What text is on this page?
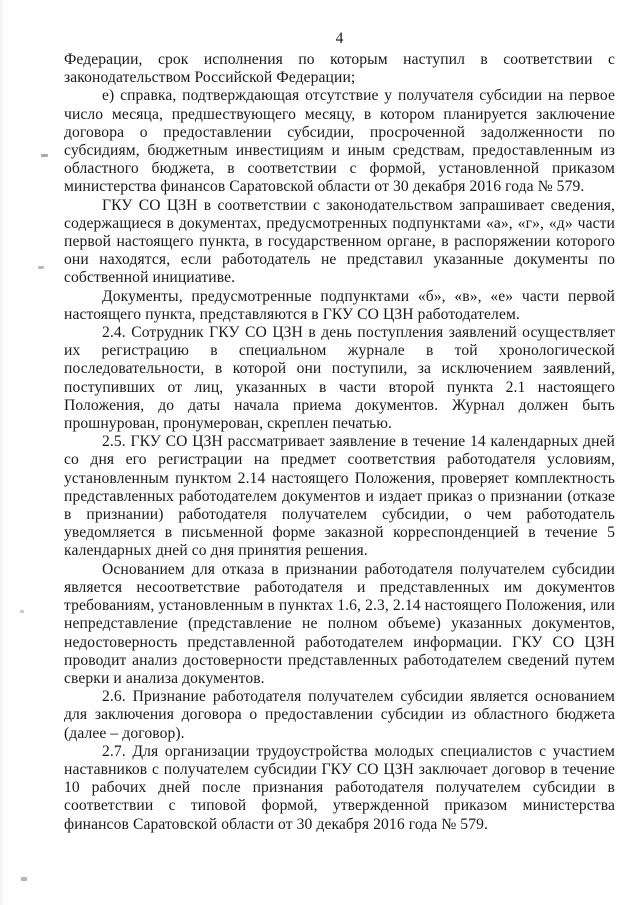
4

Федерации, срок исполнения по которым наступил в соответствии с законодательством Российской Федерации;

е) справка, подтверждающая отсутствие у получателя субсидии на первое число месяца, предшествующего месяцу, в котором планируется заключение договора о предоставлении субсидии, просроченной задолженности по субсидиям, бюджетным инвестициям и иным средствам, предоставленным из областного бюджета, в соответствии с формой, установленной приказом министерства финансов Саратовской области от 30 декабря 2016 года № 579.

ГКУ СО ЦЗН в соответствии с законодательством запрашивает сведения, содержащиеся в документах, предусмотренных подпунктами «а», «г», «д» части первой настоящего пункта, в государственном органе, в распоряжении которого они находятся, если работодатель не представил указанные документы по собственной инициативе.

Документы, предусмотренные подпунктами «б», «в», «е» части первой настоящего пункта, представляются в ГКУ СО ЦЗН работодателем.

2.4. Сотрудник ГКУ СО ЦЗН в день поступления заявлений осуществляет их регистрацию в специальном журнале в той хронологической последовательности, в которой они поступили, за исключением заявлений, поступивших от лиц, указанных в части второй пункта 2.1 настоящего Положения, до даты начала приема документов. Журнал должен быть прошнурован, пронумерован, скреплен печатью.

2.5. ГКУ СО ЦЗН рассматривает заявление в течение 14 календарных дней со дня его регистрации на предмет соответствия работодателя условиям, установленным пунктом 2.14 настоящего Положения, проверяет комплектность представленных работодателем документов и издает приказ о признании (отказе в признании) работодателя получателем субсидии, о чем работодатель уведомляется в письменной форме заказной корреспонденцией в течение 5 календарных дней со дня принятия решения.

Основанием для отказа в признании работодателя получателем субсидии является несоответствие работодателя и представленных им документов требованиям, установленным в пунктах 1.6, 2.3, 2.14 настоящего Положения, или непредставление (представление не полном объеме) указанных документов, недостоверность представленной работодателем информации. ГКУ СО ЦЗН проводит анализ достоверности представленных работодателем сведений путем сверки и анализа документов.

2.6. Признание работодателя получателем субсидии является основанием для заключения договора о предоставлении субсидии из областного бюджета (далее – договор).

2.7. Для организации трудоустройства молодых специалистов с участием наставников с получателем субсидии ГКУ СО ЦЗН заключает договор в течение 10 рабочих дней после признания работодателя получателем субсидии в соответствии с типовой формой, утвержденной приказом министерства финансов Саратовской области от 30 декабря 2016 года № 579.
